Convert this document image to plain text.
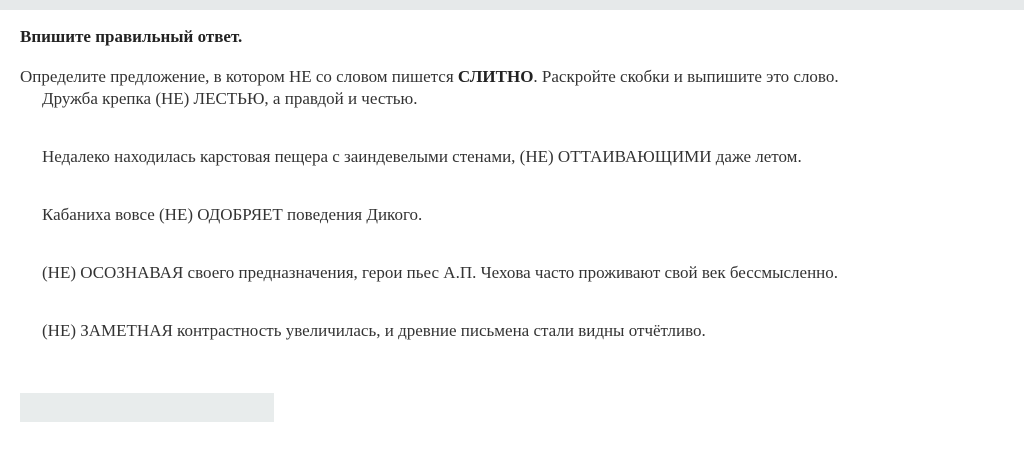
Впишите правильный ответ.

Определите предложение, в котором НЕ со словом пишется СЛИТНО. Раскройте скобки и выпишите это слово.
Дружба крепка (НЕ) ЛЕСТЬЮ, а правдой и честью.
Недалеко находилась карстовая пещера с заиндевелыми стенами, (НЕ) ОТТАИВАЮЩИМИ даже летом.
Кабаниха вовсе (НЕ) ОДОБРЯЕТ поведения Дикого.
(НЕ) ОСОЗНАВАЯ своего предназначения, герои пьес А.П. Чехова часто проживают свой век бессмысленно.
(НЕ) ЗАМЕТНАЯ контрастность увеличилась, и древние письмена стали видны отчётливо.
